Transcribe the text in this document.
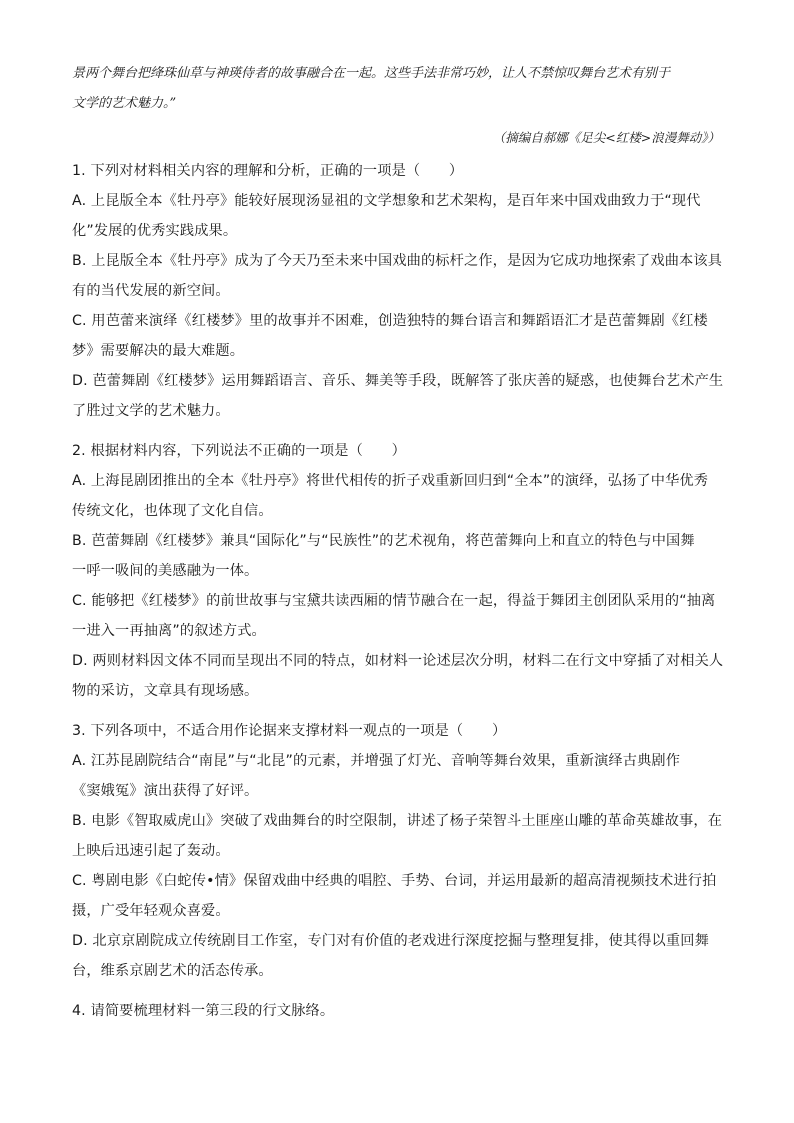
景两个舞台把绛珠仙草与神瑛侍者的故事融合在一起。这些手法非常巧妙，让人不禁惊叹舞台艺术有别于
文学的艺术魅力。”
（摘编自郝娜《足尖<红楼>浪漫舞动》）
1. 下列对材料相关内容的理解和分析，正确的一项是（　　）
A. 上昆版全本《牡丹亭》能较好展现汤显祖的文学想象和艺术架构，是百年来中国戏曲致力于“现代
化”发展的优秀实践成果。
B. 上昆版全本《牡丹亭》成为了今天乃至未来中国戏曲的标杆之作，是因为它成功地探索了戏曲本该具
有的当代发展的新空间。
C. 用芭蕾来演绎《红楼梦》里的故事并不困难，创造独特的舞台语言和舞蹈语汇才是芭蕾舞剧《红楼
梦》需要解决的最大难题。
D. 芭蕾舞剧《红楼梦》运用舞蹈语言、音乐、舞美等手段，既解答了张庆善的疑惑，也使舞台艺术产生
了胜过文学的艺术魅力。
2. 根据材料内容，下列说法不正确的一项是（　　）
A. 上海昆剧团推出的全本《牡丹亭》将世代相传的折子戏重新回归到“全本”的演绎，弘扬了中华优秀
传统文化，也体现了文化自信。
B. 芭蕾舞剧《红楼梦》兼具“国际化”与“民族性”的艺术视角，将芭蕾舞向上和直立的特色与中国舞
一呼一吸间的美感融为一体。
C. 能够把《红楼梦》的前世故事与宝黛共读西厢的情节融合在一起，得益于舞团主创团队采用的“抽离
一进入一再抽离”的叙述方式。
D. 两则材料因文体不同而呈现出不同的特点，如材料一论述层次分明，材料二在行文中穿插了对相关人
物的采访，文章具有现场感。
3. 下列各项中，不适合用作论据来支撑材料一观点的一项是（　　）
A. 江苏昆剧院结合“南昆”与“北昆”的元素，并增强了灯光、音响等舞台效果，重新演绎古典剧作
《窦娥冤》演出获得了好评。
B. 电影《智取威虎山》突破了戏曲舞台的时空限制，讲述了杨子荣智斗土匪座山雕的革命英雄故事，在
上映后迅速引起了轰动。
C. 粤剧电影《白蛇传•情》保留戏曲中经典的唱腔、手势、台词，并运用最新的超高清视频技术进行拍
摄，广受年轻观众喜爱。
D. 北京京剧院成立传统剧目工作室，专门对有价值的老戏进行深度挖掘与整理复排，使其得以重回舞
台，维系京剧艺术的活态传承。
4. 请简要梳理材料一第三段的行文脉络。
